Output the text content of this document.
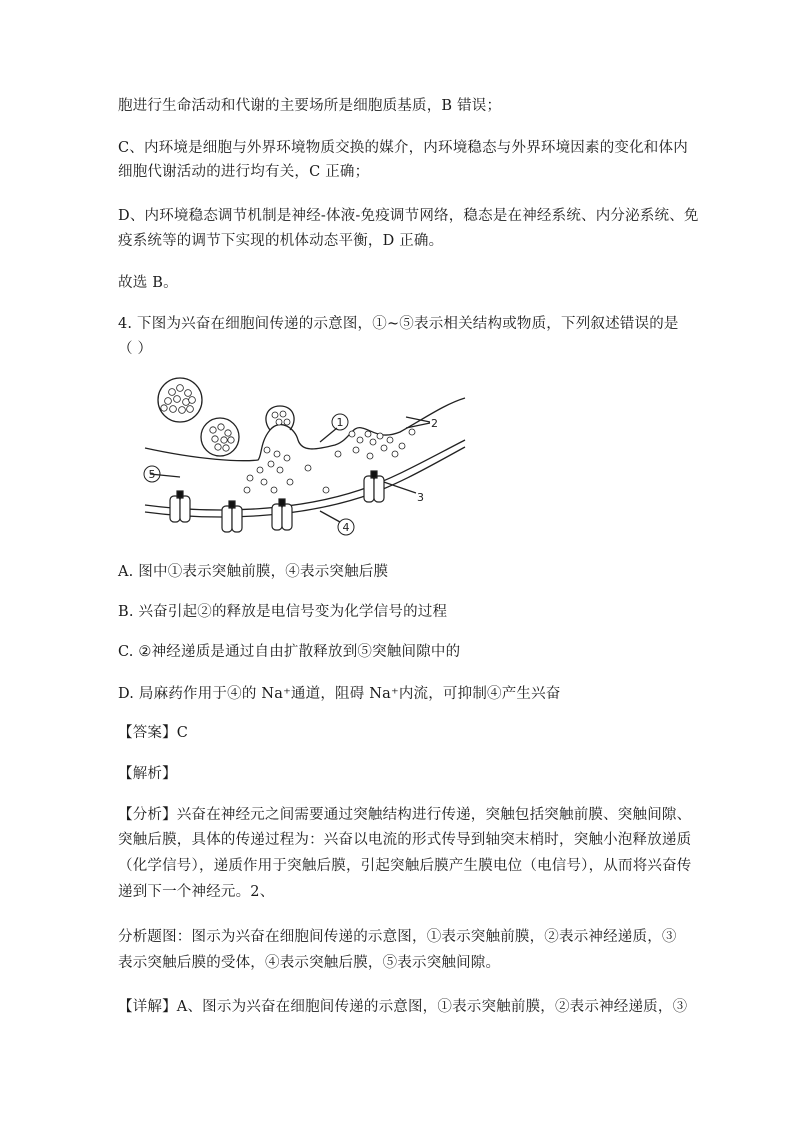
胞进行生命活动和代谢的主要场所是细胞质基质，B 错误；
C、内环境是细胞与外界环境物质交换的媒介，内环境稳态与外界环境因素的变化和体内
细胞代谢活动的进行均有关，C 正确；
D、内环境稳态调节机制是神经-体液-免疫调节网络，稳态是在神经系统、内分泌系统、免
疫系统等的调节下实现的机体动态平衡，D 正确。
故选 B。
4. 下图为兴奋在细胞间传递的示意图，①~⑤表示相关结构或物质，下列叙述错误的是
（ ）
1	2
3
4
5
A. 图中①表示突触前膜，④表示突触后膜
B. 兴奋引起②的释放是电信号变为化学信号的过程
C. ②神经递质是通过自由扩散释放到⑤突触间隙中的
D. 局麻药作用于④的 Na⁺通道，阻碍 Na⁺内流，可抑制④产生兴奋
【答案】C
【解析】
【分析】兴奋在神经元之间需要通过突触结构进行传递，突触包括突触前膜、突触间隙、
突触后膜，具体的传递过程为：兴奋以电流的形式传导到轴突末梢时，突触小泡释放递质
（化学信号），递质作用于突触后膜，引起突触后膜产生膜电位（电信号），从而将兴奋传
递到下一个神经元。2、
分析题图：图示为兴奋在细胞间传递的示意图，①表示突触前膜，②表示神经递质，③
表示突触后膜的受体，④表示突触后膜，⑤表示突触间隙。
【详解】A、图示为兴奋在细胞间传递的示意图，①表示突触前膜，②表示神经递质，③
